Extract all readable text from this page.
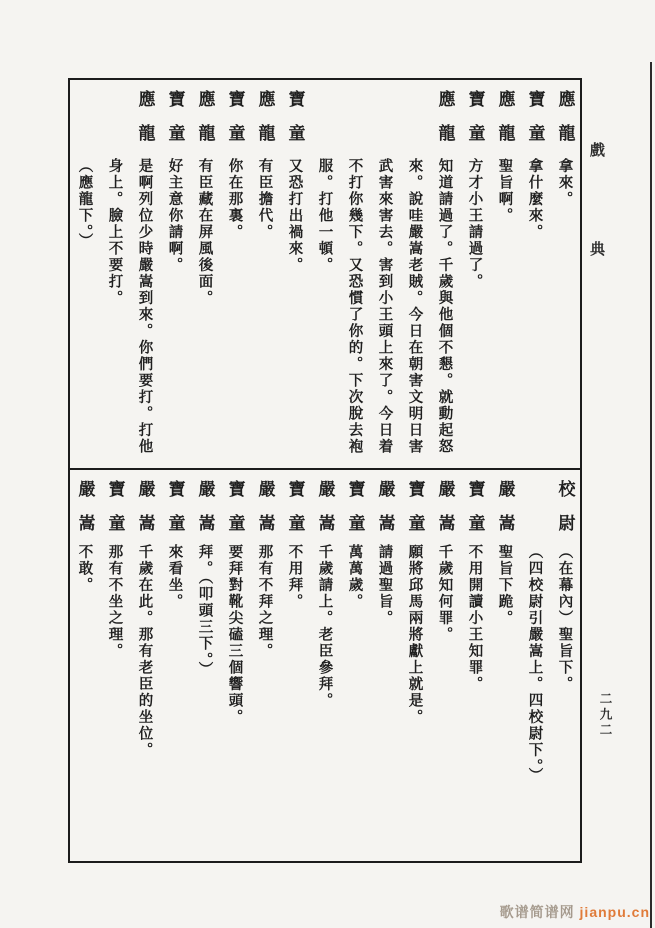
戲典
二九二
應龍
拿來。
寶童
拿什麼來。
應龍
聖旨啊。
寶童
方才小王請過了。
應龍
知道請過了。千歲與他個不懇。就動起怒
來。說哇嚴嵩老賊。今日在朝害文明日害
武害來害去。害到小王頭上來了。今日着
不打你幾下。又恐慣了你的。下次脫去袍
服。打他一頓。
寶童
又恐打出禍來。
應龍
有臣擔代。
寶童
你在那裏。
應龍
有臣藏在屏風後面。
寶童
好主意你請啊。
應龍
是啊列位少時嚴嵩到來。你們要打。打他
身上。臉上不要打。
（應龍下。）
校尉
（在幕內）聖旨下。
（四校尉引嚴嵩上。四校尉下。）
嚴嵩
聖旨下跪。
寶童
不用開讀小王知罪。
嚴嵩
千歲知何罪。
寶童
願將邱馬兩將獻上就是。
嚴嵩
請過聖旨。
寶童
萬萬歲。
嚴嵩
千歲請上。老臣參拜。
寶童
不用拜。
嚴嵩
那有不拜之理。
寶童
要拜對靴尖磕三個響頭。
嚴嵩
拜。（叩頭三下。）
寶童
來看坐。
嚴嵩
千歲在此。那有老臣的坐位。
寶童
那有不坐之理。
嚴嵩
不敢。
歌谱简谱网 jianpu.cn
